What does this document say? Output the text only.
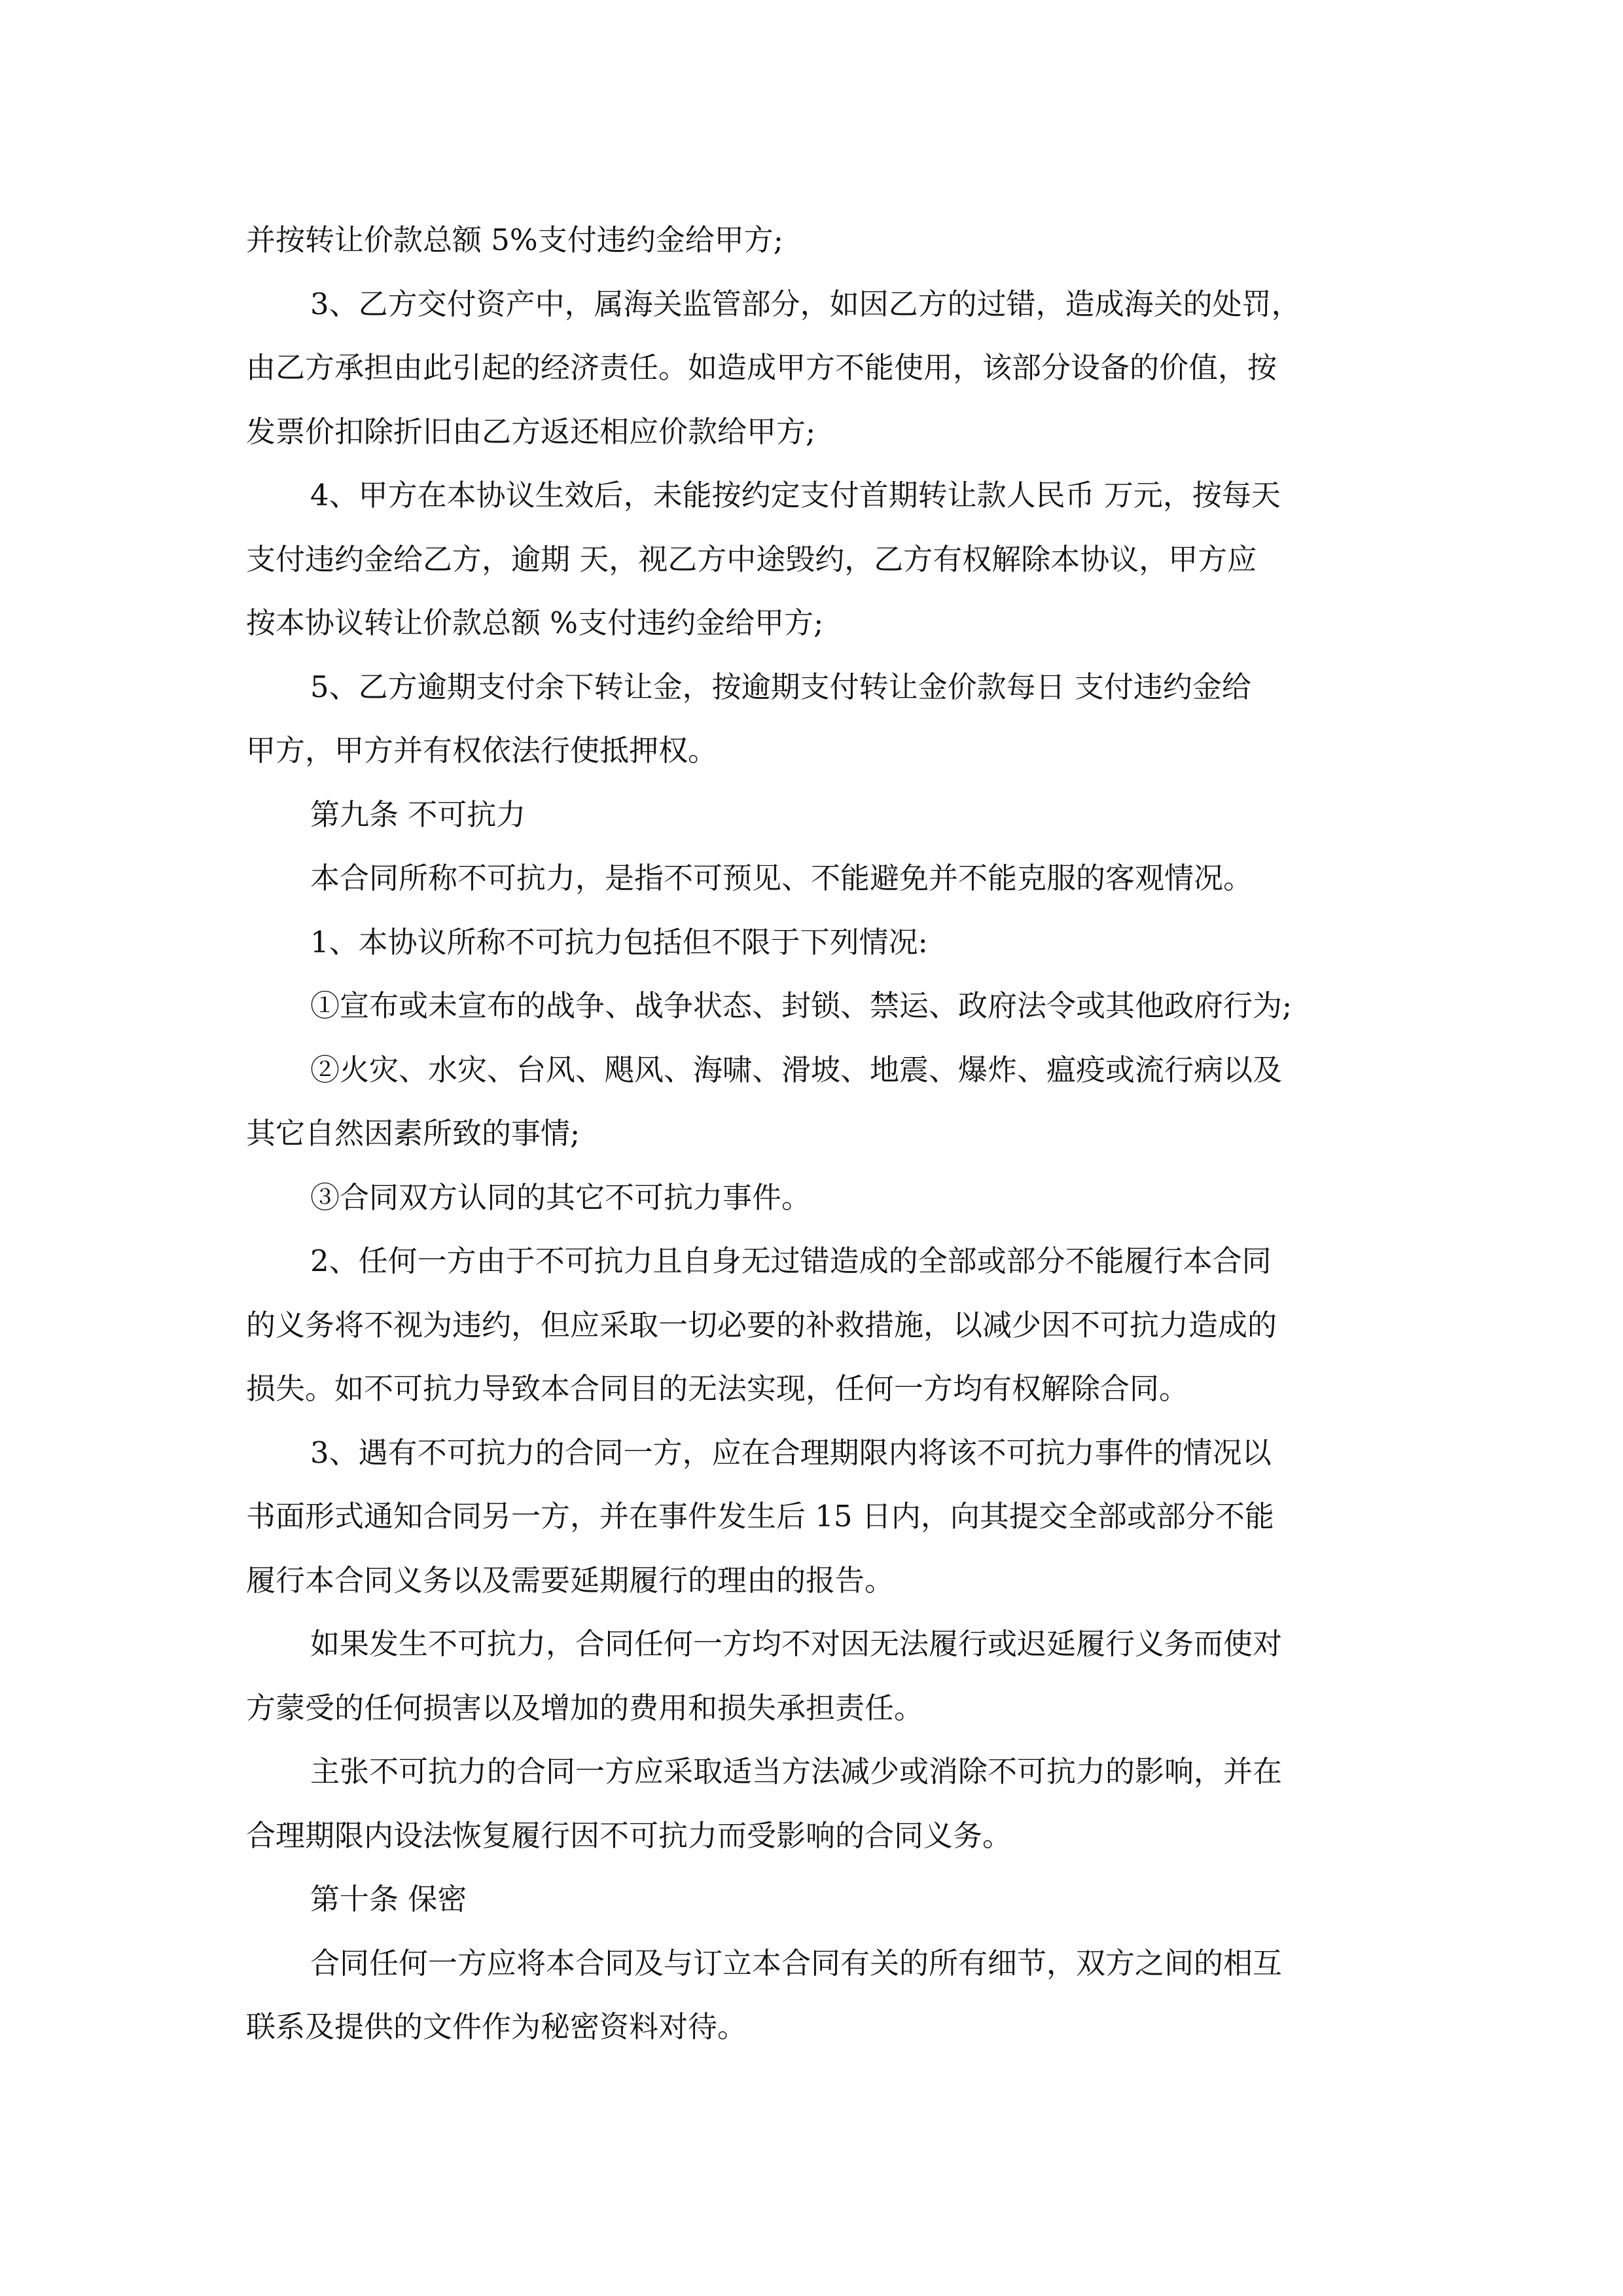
并按转让价款总额 5%支付违约金给甲方;
3、乙方交付资产中，属海关监管部分，如因乙方的过错，造成海关的处罚，
由乙方承担由此引起的经济责任。如造成甲方不能使用，该部分设备的价值，按
发票价扣除折旧由乙方返还相应价款给甲方;
4、甲方在本协议生效后，未能按约定支付首期转让款人民币 万元，按每天
支付违约金给乙方，逾期 天，视乙方中途毁约，乙方有权解除本协议，甲方应
按本协议转让价款总额 %支付违约金给甲方;
5、乙方逾期支付余下转让金，按逾期支付转让金价款每日 支付违约金给
甲方，甲方并有权依法行使抵押权。
第九条 不可抗力
本合同所称不可抗力，是指不可预见、不能避免并不能克服的客观情况。
1、本协议所称不可抗力包括但不限于下列情况:
①宣布或未宣布的战争、战争状态、封锁、禁运、政府法令或其他政府行为;
②火灾、水灾、台风、飓风、海啸、滑坡、地震、爆炸、瘟疫或流行病以及
其它自然因素所致的事情;
③合同双方认同的其它不可抗力事件。
2、任何一方由于不可抗力且自身无过错造成的全部或部分不能履行本合同
的义务将不视为违约，但应采取一切必要的补救措施，以减少因不可抗力造成的
损失。如不可抗力导致本合同目的无法实现，任何一方均有权解除合同。
3、遇有不可抗力的合同一方，应在合理期限内将该不可抗力事件的情况以
书面形式通知合同另一方，并在事件发生后 15 日内，向其提交全部或部分不能
履行本合同义务以及需要延期履行的理由的报告。
如果发生不可抗力，合同任何一方均不对因无法履行或迟延履行义务而使对
方蒙受的任何损害以及增加的费用和损失承担责任。
主张不可抗力的合同一方应采取适当方法减少或消除不可抗力的影响，并在
合理期限内设法恢复履行因不可抗力而受影响的合同义务。
第十条 保密
合同任何一方应将本合同及与订立本合同有关的所有细节，双方之间的相互
联系及提供的文件作为秘密资料对待。
